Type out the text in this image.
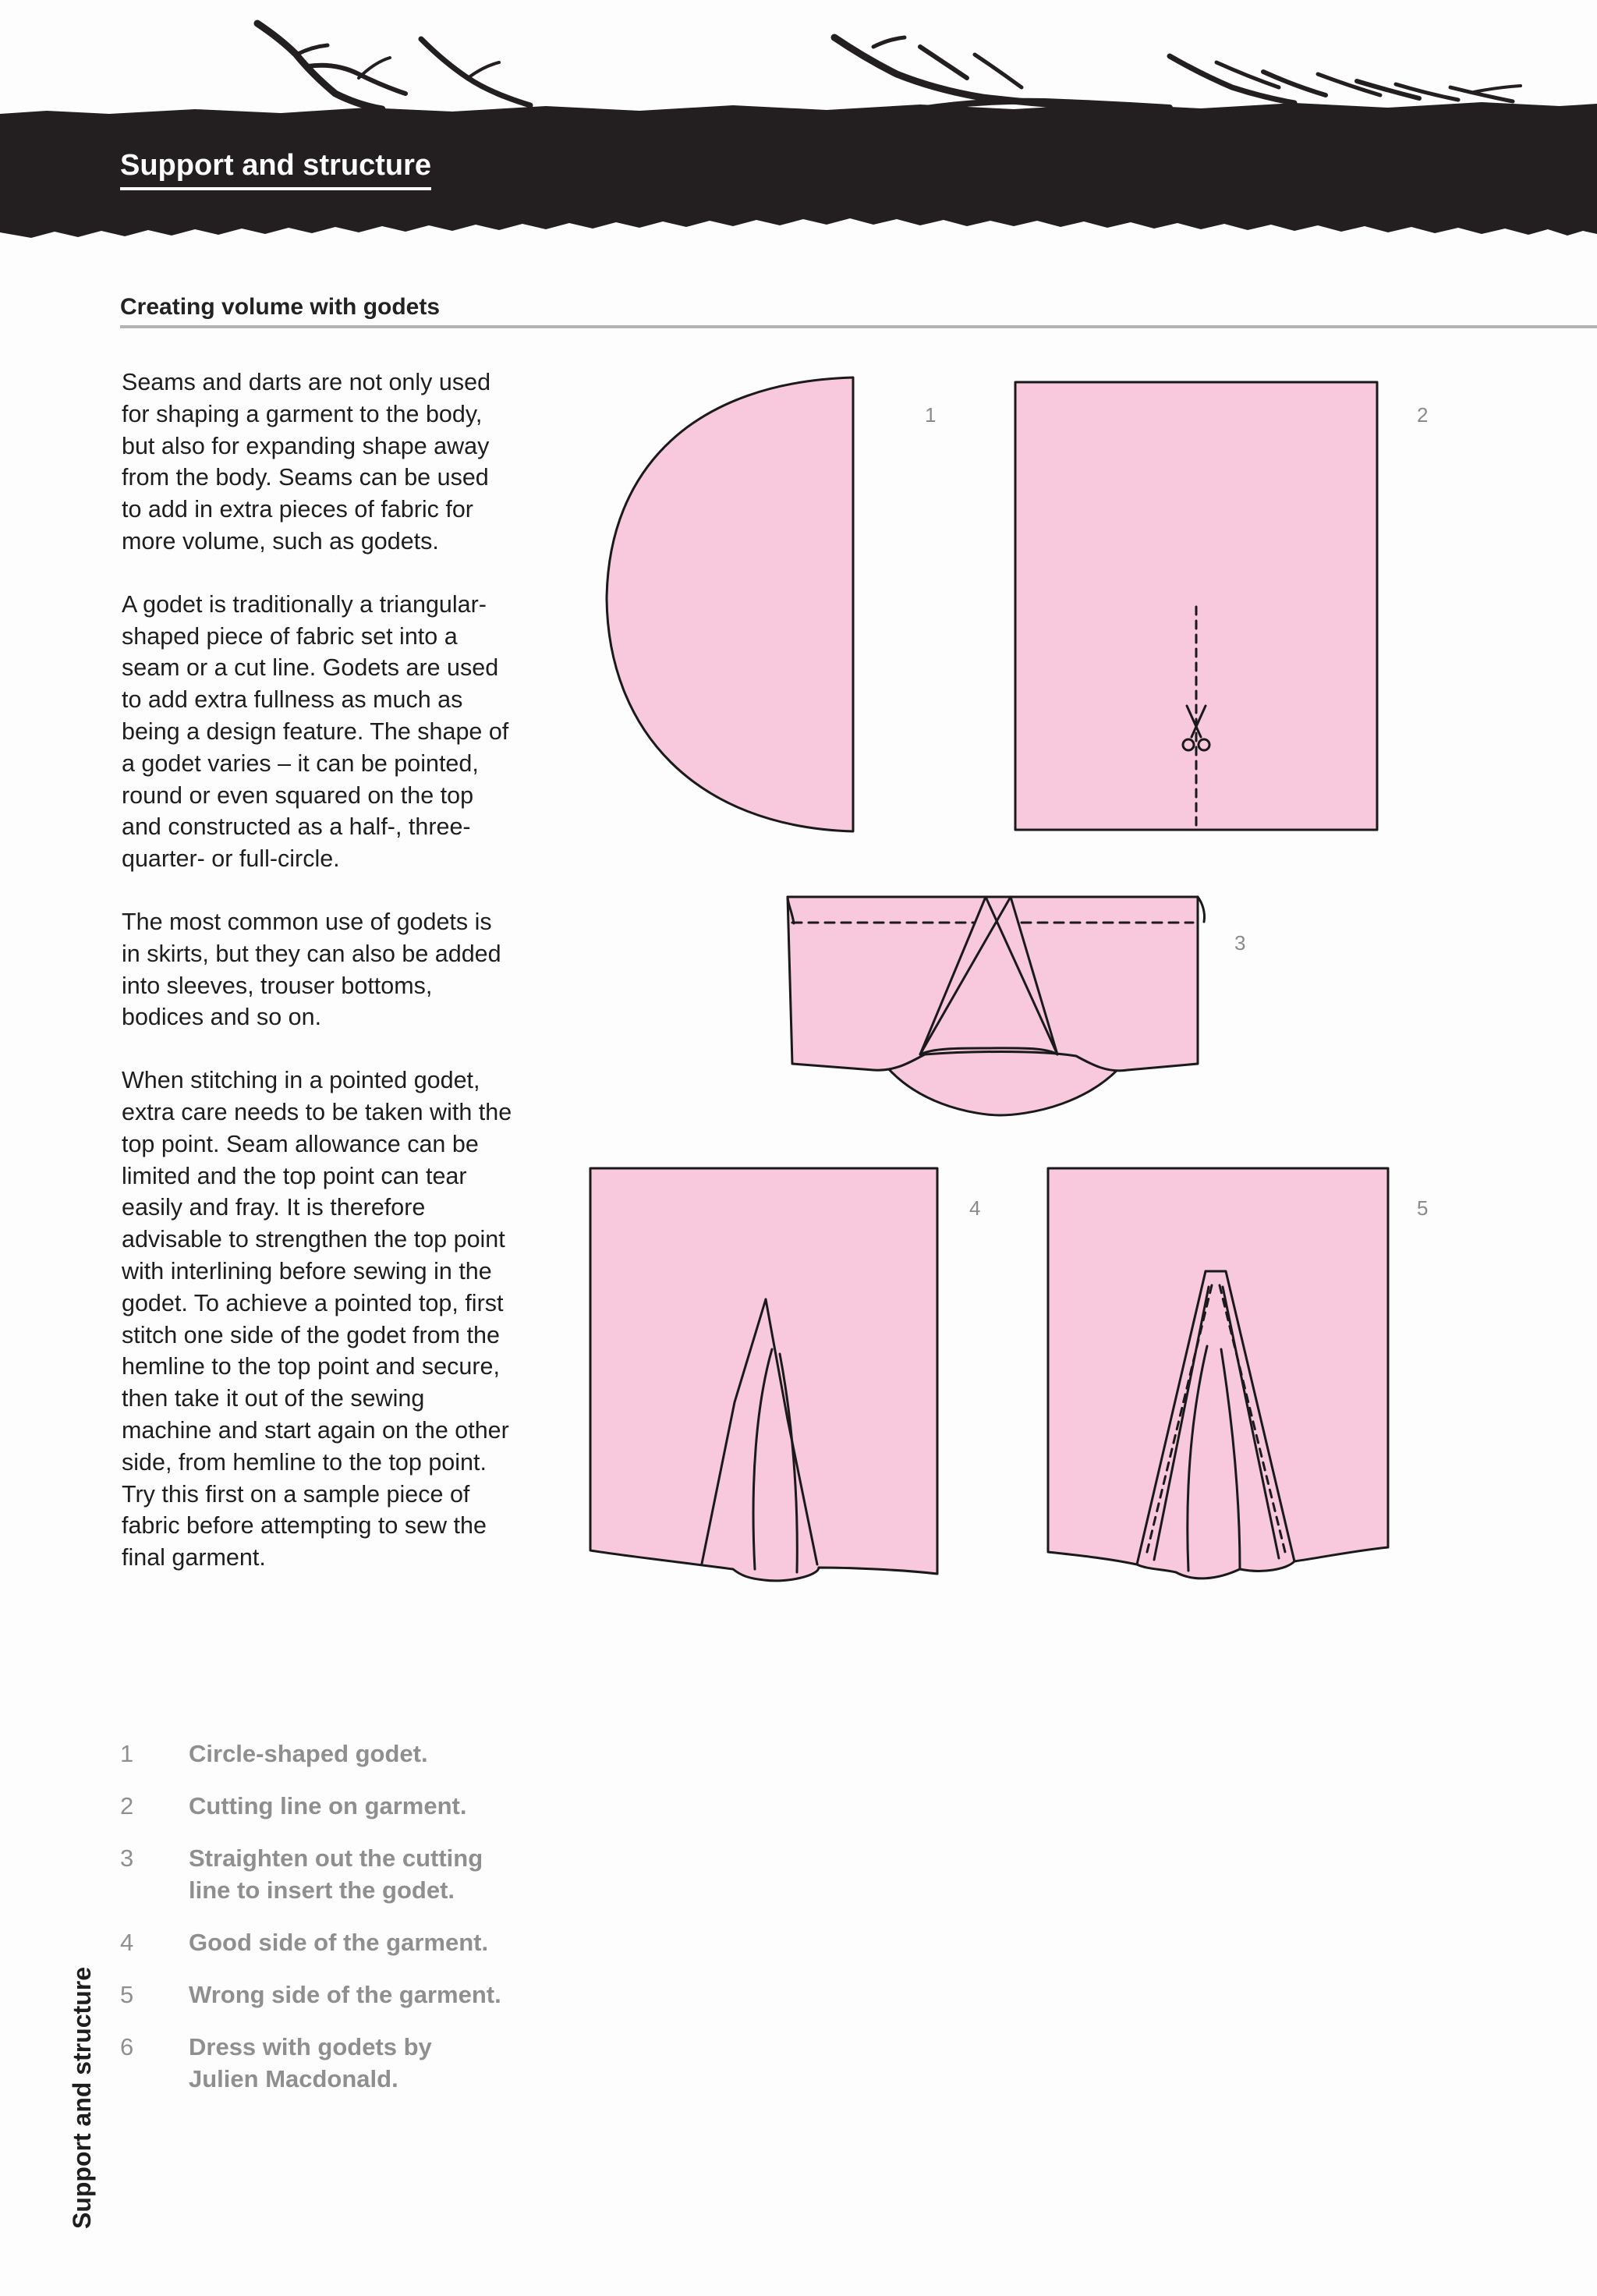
Support and structure
Creating volume with godets

Seams and darts are not only used
for shaping a garment to the body,
but also for expanding shape away
from the body. Seams can be used
to add in extra pieces of fabric for
more volume, such as godets.

A godet is traditionally a triangular-
shaped piece of fabric set into a
seam or a cut line. Godets are used
to add extra fullness as much as
being a design feature. The shape of
a godet varies – it can be pointed,
round or even squared on the top
and constructed as a half-, three-
quarter- or full-circle.

The most common use of godets is
in skirts, but they can also be added
into sleeves, trouser bottoms,
bodices and so on.

When stitching in a pointed godet,
extra care needs to be taken with the
top point. Seam allowance can be
limited and the top point can tear
easily and fray. It is therefore
advisable to strengthen the top point
with interlining before sewing in the
godet. To achieve a pointed top, first
stitch one side of the godet from the
hemline to the top point and secure,
then take it out of the sewing
machine and start again on the other
side, from hemline to the top point.
Try this first on a sample piece of
fabric before attempting to sew the
final garment.

1	2
3
4	5
1 Circle-shaped godet.
2 Cutting line on garment.
3 Straighten out the cutting
line to insert the godet.
4 Good side of the garment.
5 Wrong side of the garment.
6 Dress with godets by
Julien Macdonald.
Support and structure
